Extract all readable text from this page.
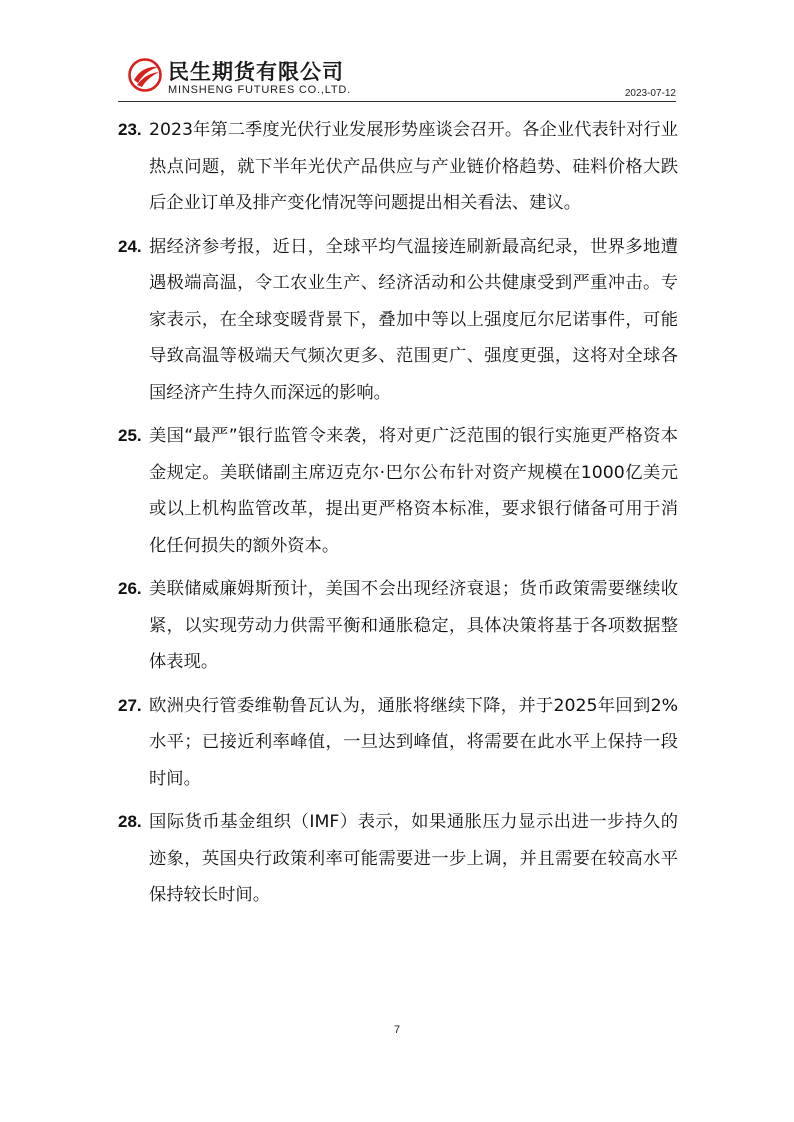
民生期货有限公司
MINSHENG FUTURES CO.,LTD.	2023-07-12
23. 2023年第二季度光伏行业发展形势座谈会召开。各企业代表针对行业热点问题，就下半年光伏产品供应与产业链价格趋势、硅料价格大跌后企业订单及排产变化情况等问题提出相关看法、建议。
24. 据经济参考报，近日，全球平均气温接连刷新最高纪录，世界多地遭遇极端高温，令工农业生产、经济活动和公共健康受到严重冲击。专家表示，在全球变暖背景下，叠加中等以上强度厄尔尼诺事件，可能导致高温等极端天气频次更多、范围更广、强度更强，这将对全球各国经济产生持久而深远的影响。
25. 美国“最严”银行监管令来袭，将对更广泛范围的银行实施更严格资本金规定。美联储副主席迈克尔·巴尔公布针对资产规模在1000亿美元或以上机构监管改革，提出更严格资本标准，要求银行储备可用于消化任何损失的额外资本。
26. 美联储威廉姆斯预计，美国不会出现经济衰退；货币政策需要继续收紧，以实现劳动力供需平衡和通胀稳定，具体决策将基于各项数据整体表现。
27. 欧洲央行管委维勒鲁瓦认为，通胀将继续下降，并于2025年回到2%水平；已接近利率峰值，一旦达到峰值，将需要在此水平上保持一段时间。
28. 国际货币基金组织（IMF）表示，如果通胀压力显示出进一步持久的迹象，英国央行政策利率可能需要进一步上调，并且需要在较高水平保持较长时间。
7
